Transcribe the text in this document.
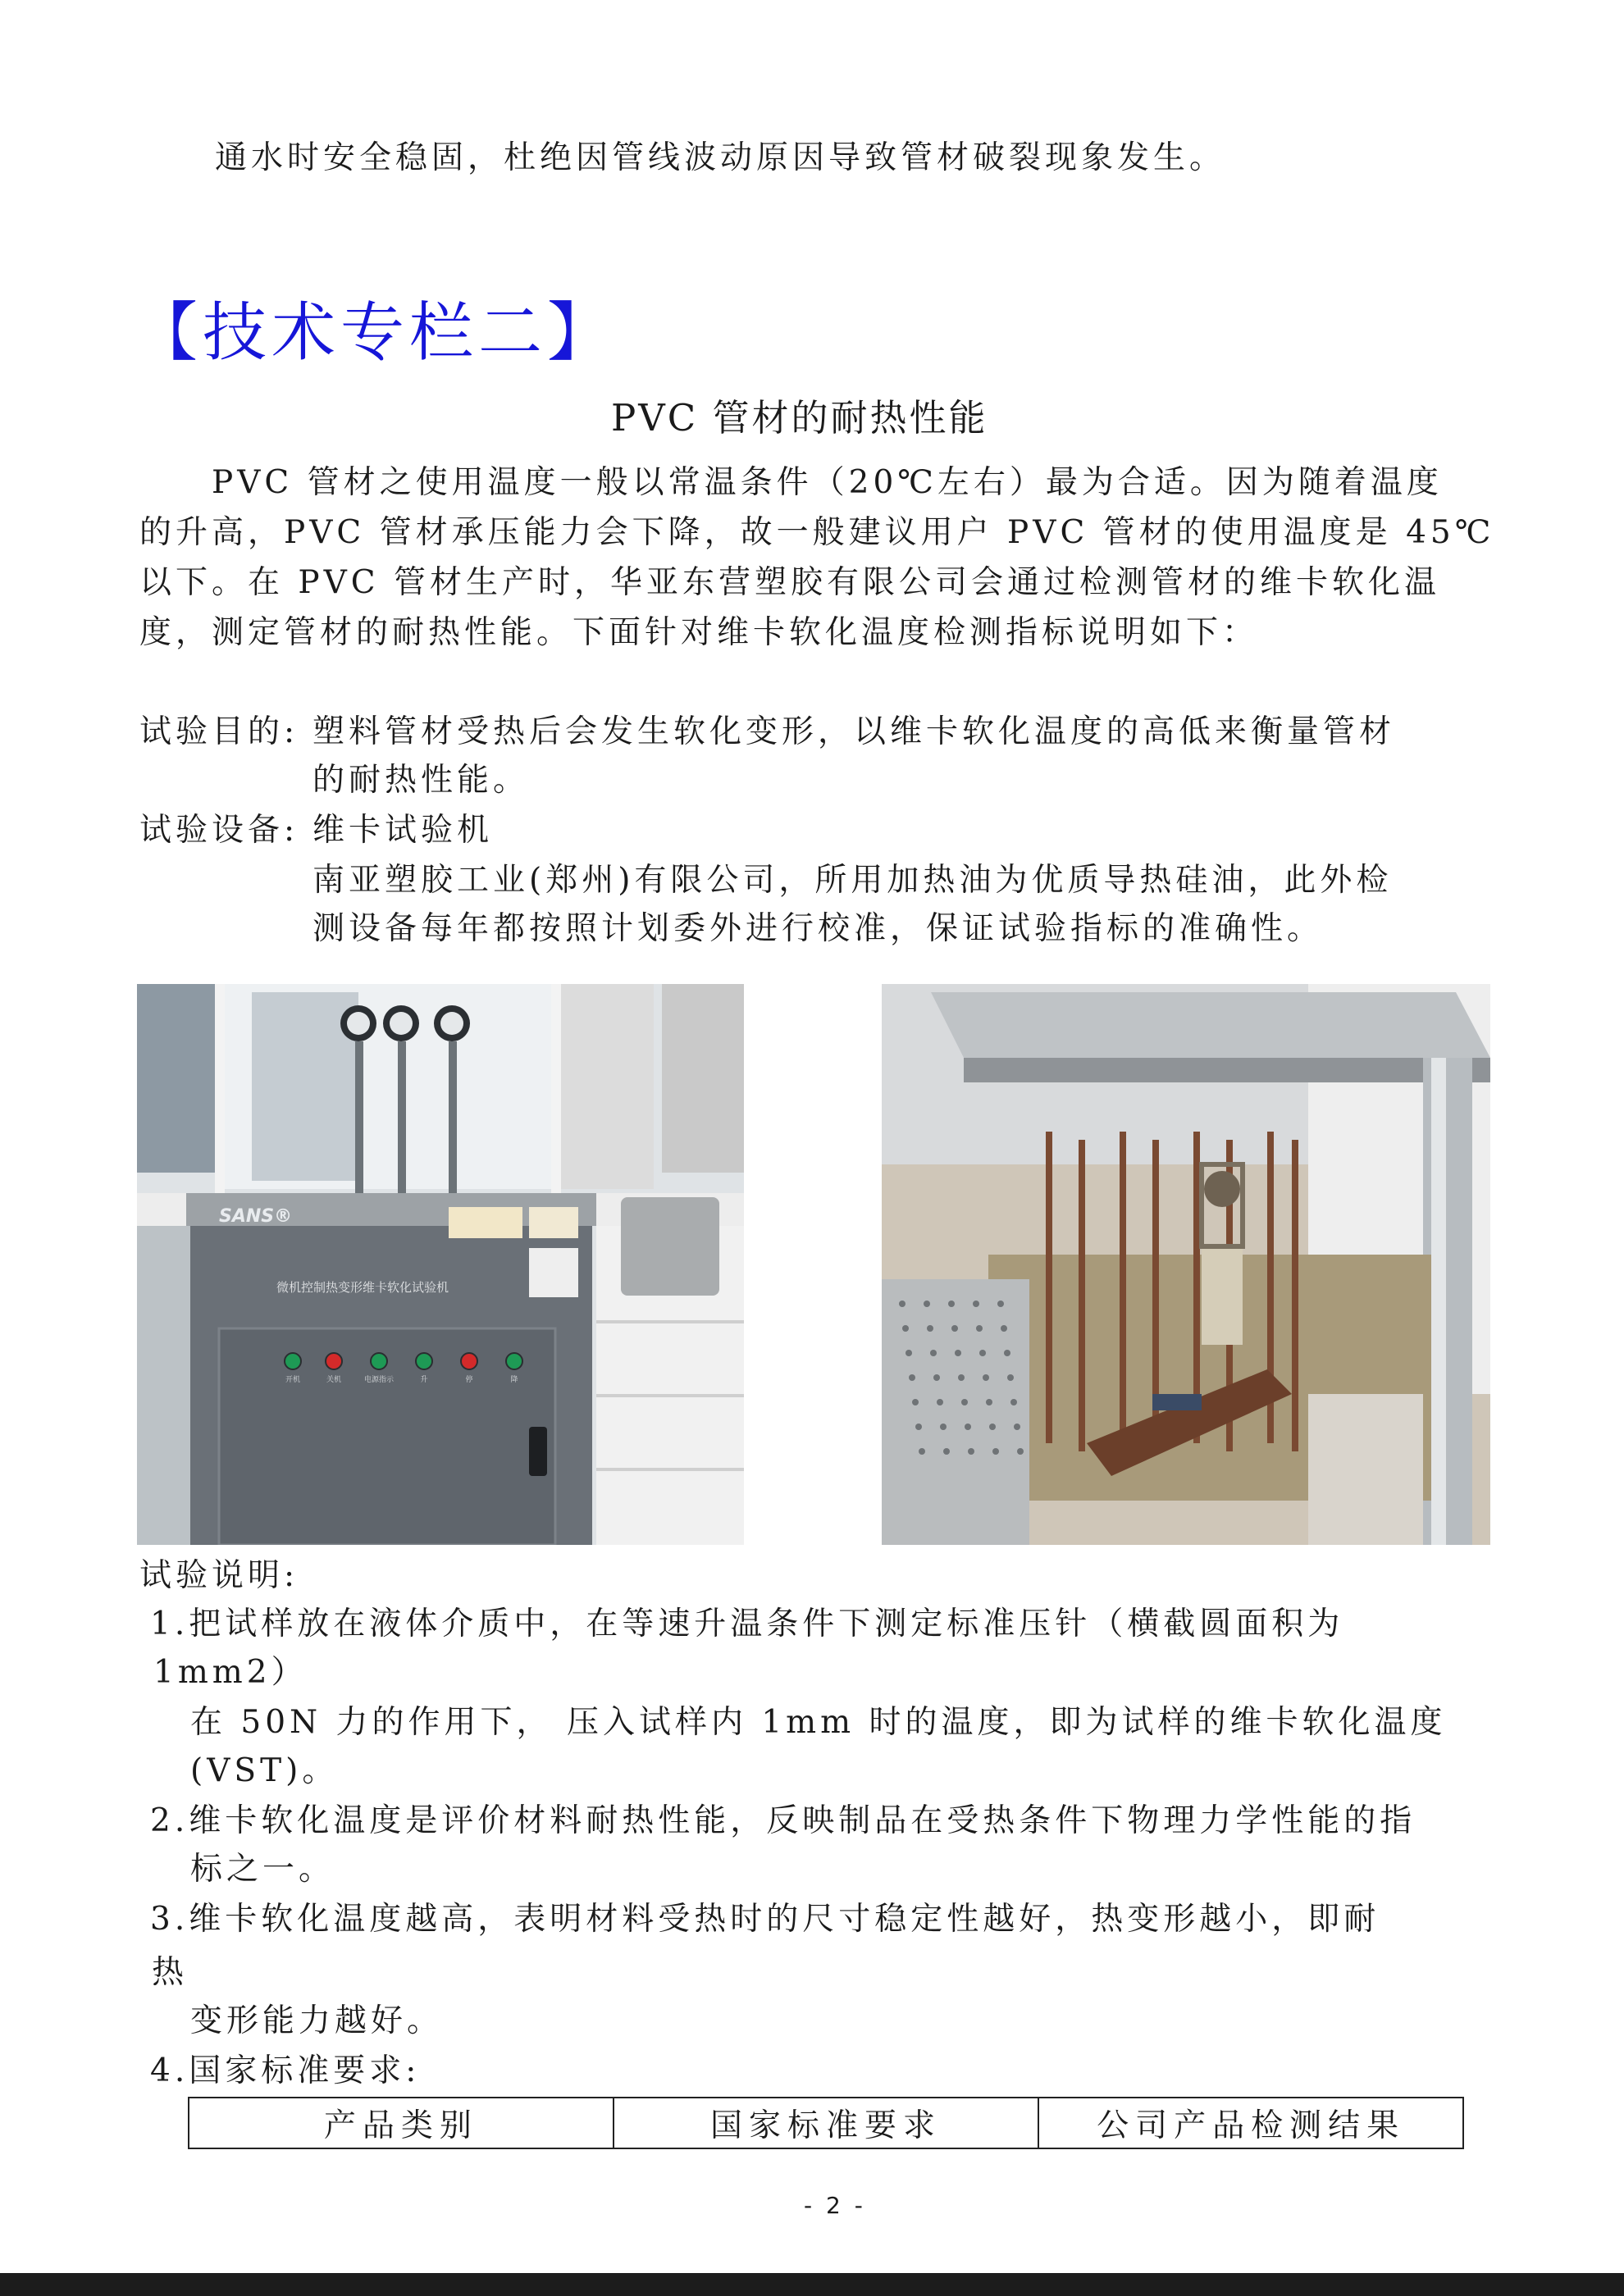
通水时安全稳固，杜绝因管线波动原因导致管材破裂现象发生。
【技术专栏二】
PVC 管材的耐热性能
PVC 管材之使用温度一般以常温条件（20℃左右）最为合适。因为随着温度
的升高，PVC 管材承压能力会下降，故一般建议用户 PVC 管材的使用温度是 45℃
以下。在 PVC 管材生产时，华亚东营塑胶有限公司会通过检测管材的维卡软化温
度，测定管材的耐热性能。下面针对维卡软化温度检测指标说明如下：
试验目的: 塑料管材受热后会发生软化变形，以维卡软化温度的高低来衡量管材
的耐热性能。
试验设备: 维卡试验机
南亚塑胶工业(郑州)有限公司，所用加热油为优质导热硅油，此外检
测设备每年都按照计划委外进行校准，保证试验指标的准确性。
SANS®
微机控制热变形维卡软化试验机
开机	关机	电源指示	升	停	降
试验说明:
1.把试样放在液体介质中，在等速升温条件下测定标准压针（横截圆面积为
1mm2）
在 50N 力的作用下， 压入试样内 1mm 时的温度，即为试样的维卡软化温度
(VST)。
2.维卡软化温度是评价材料耐热性能，反映制品在受热条件下物理力学性能的指
标之一。
3.维卡软化温度越高，表明材料受热时的尺寸稳定性越好，热变形越小，即耐
热
变形能力越好。
4.国家标准要求:
产品类别	国家标准要求	公司产品检测结果
- 2 -
